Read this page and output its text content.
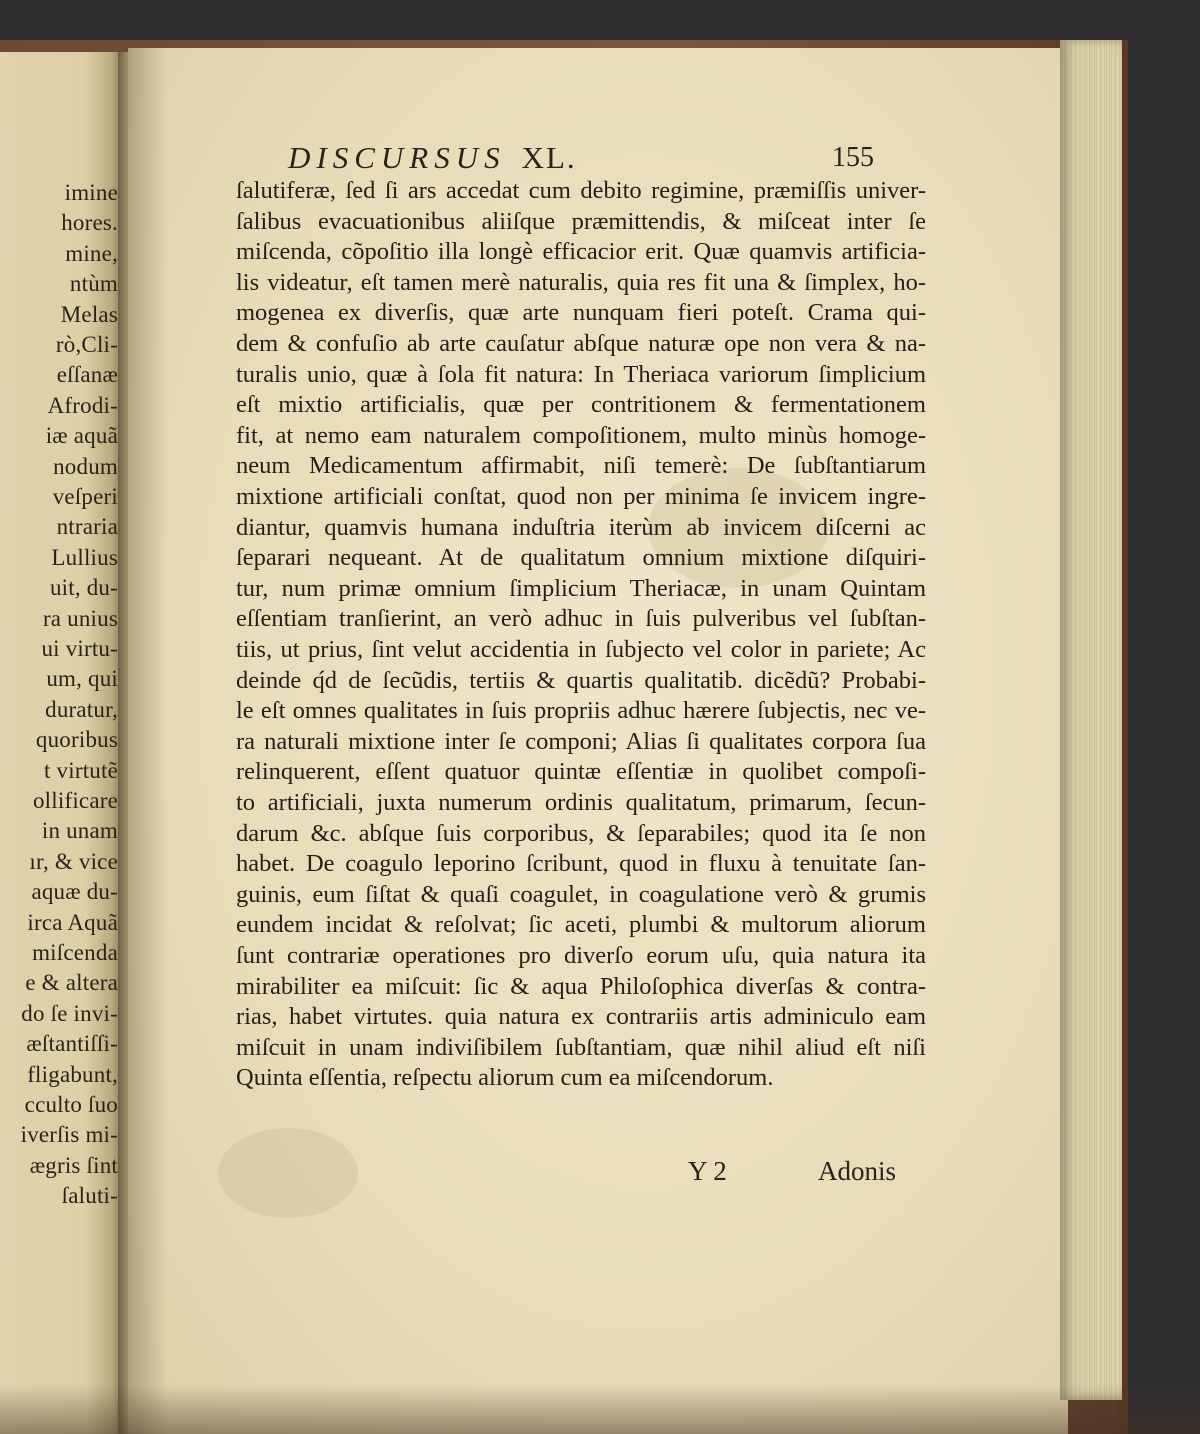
imine
hores.
mine,
ntùm
Melas
rò,Cli-
eſſanæ
Afrodi-
iæ aquã
nodum
veſperi
ntraria
Lullius
uit, du-
ra unius
ui virtu-
um, qui
duratur,
quoribus
t virtutẽ
ollificare
in unam
ır, & vice
aquæ du-
irca Aquã
miſcenda
e & altera
do ſe invi-
æſtantiſſi-
fligabunt,
cculto ſuo
iverſis mi-
ægris ſint
ſaluti-
DISCURSUS XL.	155
ſalutiferæ, ſed ſi ars accedat cum debito regimine, præmiſſis univer-
ſalibus evacuationibus aliiſque præmittendis, & miſceat inter ſe
miſcenda, cõpoſitio illa longè efficacior erit. Quæ quamvis artificia-
lis videatur, eſt tamen merè naturalis, quia res fit una & ſimplex, ho-
mogenea ex diverſis, quæ arte nunquam fieri poteſt. Crama qui-
dem & confuſio ab arte cauſatur abſque naturæ ope non vera & na-
turalis unio, quæ à ſola fit natura: In Theriaca variorum ſimplicium
eſt mixtio artificialis, quæ per contritionem & fermentationem
fit, at nemo eam naturalem compoſitionem, multo minùs homoge-
neum Medicamentum affirmabit, niſi temerè: De ſubſtantiarum
mixtione artificiali conſtat, quod non per minima ſe invicem ingre-
diantur, quamvis humana induſtria iterùm ab invicem diſcerni ac
ſeparari nequeant. At de qualitatum omnium mixtione diſquiri-
tur, num primæ omnium ſimplicium Theriacæ, in unam Quintam
eſſentiam tranſierint, an verò adhuc in ſuis pulveribus vel ſubſtan-
tiis, ut prius, ſint velut accidentia in ſubjecto vel color in pariete; Ac
deinde q́d de ſecũdis, tertiis & quartis qualitatib. dicẽdũ? Probabi-
le eſt omnes qualitates in ſuis propriis adhuc hærere ſubjectis, nec ve-
ra naturali mixtione inter ſe componi; Alias ſi qualitates corpora ſua
relinquerent, eſſent quatuor quintæ eſſentiæ in quolibet compoſi-
to artificiali, juxta numerum ordinis qualitatum, primarum, ſecun-
darum &c. abſque ſuis corporibus, & ſeparabiles; quod ita ſe non
habet. De coagulo leporino ſcribunt, quod in fluxu à tenuitate ſan-
guinis, eum ſiſtat & quaſi coagulet, in coagulatione verò & grumis
eundem incidat & reſolvat; ſic aceti, plumbi & multorum aliorum
ſunt contrariæ operationes pro diverſo eorum uſu, quia natura ita
mirabiliter ea miſcuit: ſic & aqua Philoſophica diverſas & contra-
rias, habet virtutes. quia natura ex contrariis artis adminiculo eam
miſcuit in unam indiviſibilem ſubſtantiam, quæ nihil aliud eſt niſi
Quinta eſſentia, reſpectu aliorum cum ea miſcendorum.
Y 2	Adonis
